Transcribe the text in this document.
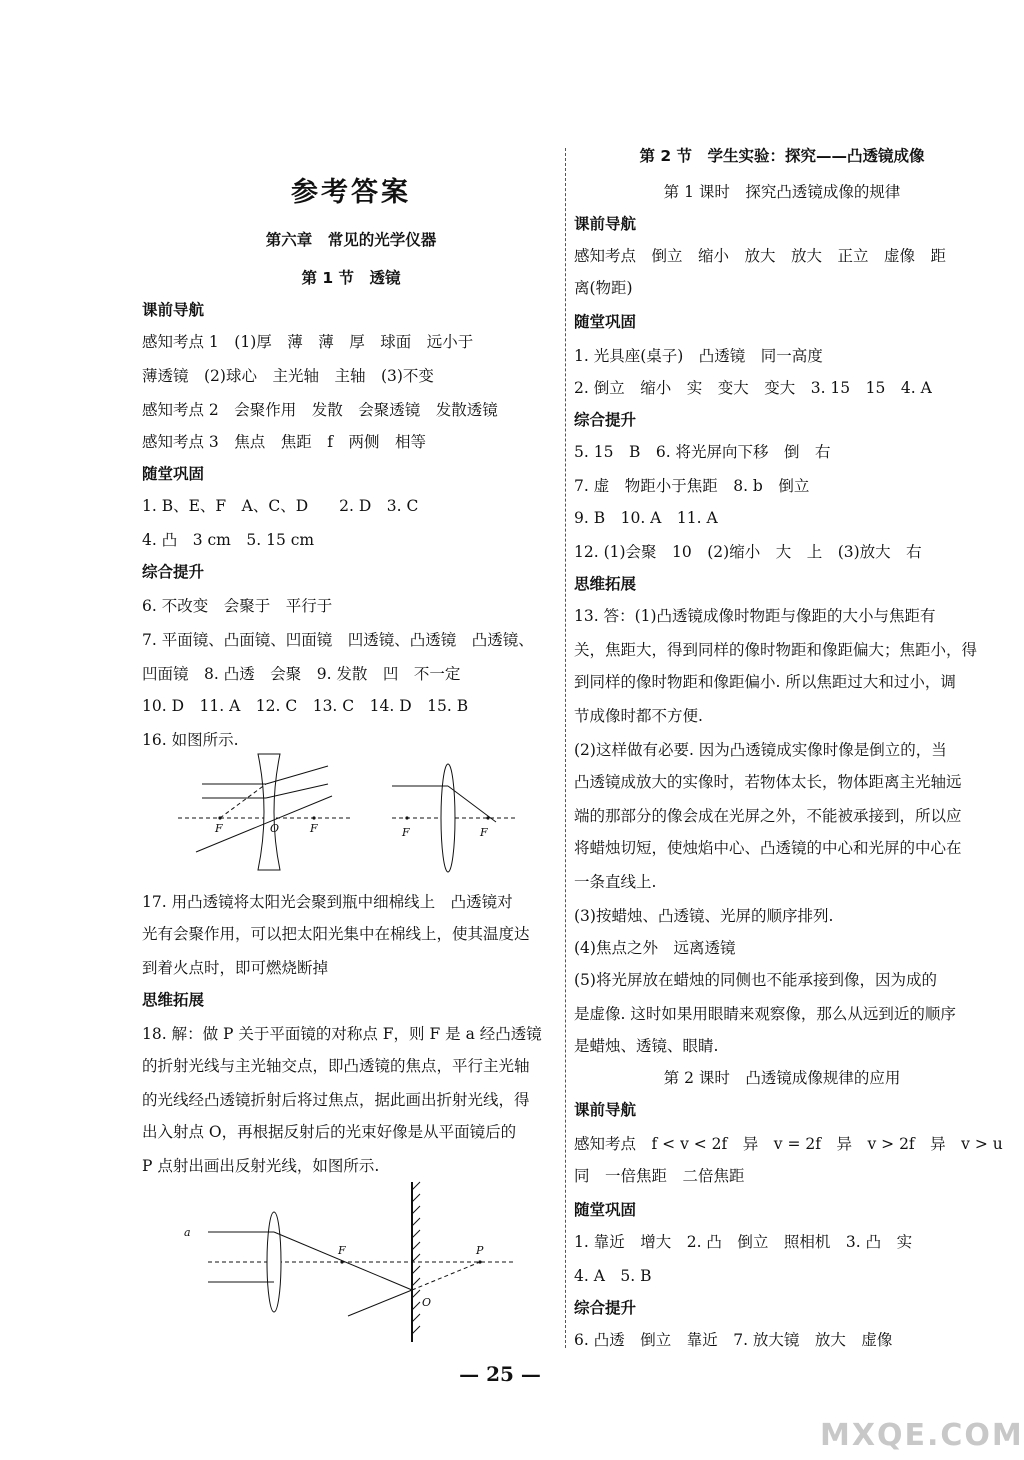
参考答案
第六章　常见的光学仪器
第 1 节　透镜
课前导航
感知考点 1　(1)厚　薄　薄　厚　球面　远小于
薄透镜　(2)球心　主光轴　主轴　(3)不变
感知考点 2　会聚作用　发散　会聚透镜　发散透镜
感知考点 3　焦点　焦距　f　两侧　相等
随堂巩固
1. B、E、F　A、C、D　　2. D　3. C
4. 凸　3 cm　5. 15 cm
综合提升
6. 不改变　会聚于　平行于
7. 平面镜、凸面镜、凹面镜　凹透镜、凸透镜　凸透镜、
凹面镜　8. 凸透　会聚　9. 发散　凹　不一定
10. D　11. A　12. C　13. C　14. D　15. B
16. 如图所示.
17. 用凸透镜将太阳光会聚到瓶中细棉线上　凸透镜对
光有会聚作用，可以把太阳光集中在棉线上，使其温度达
到着火点时，即可燃烧断掉
思维拓展
18. 解：做 P 关于平面镜的对称点 F，则 F 是 a 经凸透镜
的折射光线与主光轴交点，即凸透镜的焦点，平行主光轴
的光线经凸透镜折射后将过焦点，据此画出折射光线，得
出入射点 O，再根据反射后的光束好像是从平面镜后的
P 点射出画出反射光线，如图所示.
第 2 节　学生实验：探究——凸透镜成像
第 1 课时　探究凸透镜成像的规律
课前导航
感知考点　倒立　缩小　放大　放大　正立　虚像　距
离(物距)
随堂巩固
1. 光具座(桌子)　凸透镜　同一高度
2. 倒立　缩小　实　变大　变大　3. 15　15　4. A
综合提升
5. 15　B　6. 将光屏向下移　倒　右
7. 虚　物距小于焦距　8. b　倒立
9. B　10. A　11. A
12. (1)会聚　10　(2)缩小　大　上　(3)放大　右
思维拓展
13. 答：(1)凸透镜成像时物距与像距的大小与焦距有
关，焦距大，得到同样的像时物距和像距偏大；焦距小，得
到同样的像时物距和像距偏小. 所以焦距过大和过小，调
节成像时都不方便.
(2)这样做有必要. 因为凸透镜成实像时像是倒立的，当
凸透镜成放大的实像时，若物体太长，物体距离主光轴远
端的那部分的像会成在光屏之外，不能被承接到，所以应
将蜡烛切短，使烛焰中心、凸透镜的中心和光屏的中心在
一条直线上.
(3)按蜡烛、凸透镜、光屏的顺序排列.
(4)焦点之外　远离透镜
(5)将光屏放在蜡烛的同侧也不能承接到像，因为成的
是虚像. 这时如果用眼睛来观察像，那么从远到近的顺序
是蜡烛、透镜、眼睛.
第 2 课时　凸透镜成像规律的应用
课前导航
感知考点　f < v < 2f　异　v = 2f　异　v > 2f　异　v > u
同　一倍焦距　二倍焦距
随堂巩固
1. 靠近　增大　2. 凸　倒立　照相机　3. 凸　实
4. A　5. B
综合提升
6. 凸透　倒立　靠近　7. 放大镜　放大　虚像
F	O	F	F	F
a
F	P
O
— 25 —
MXQE.COM
